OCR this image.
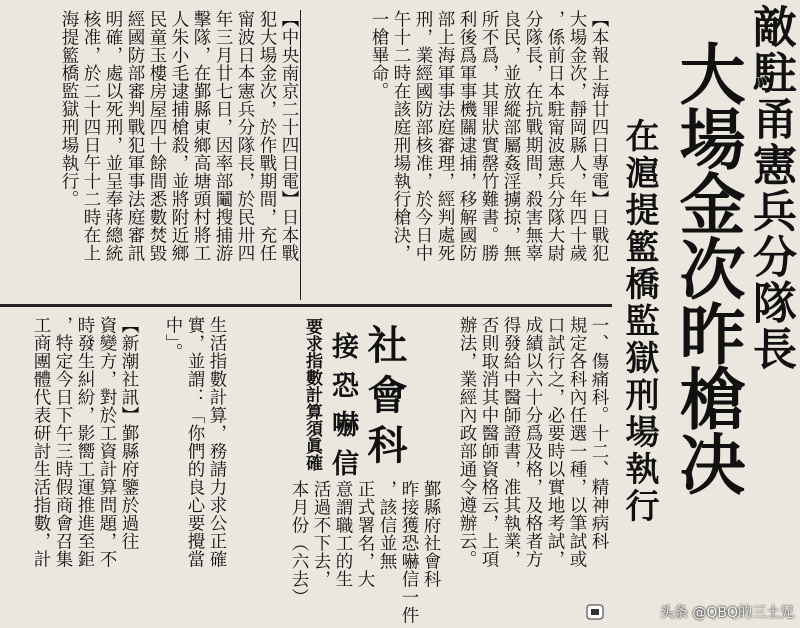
敵駐甬憲兵分隊長
大場金次昨槍决
在滬提籃橋監獄刑場執行
【本報上海廿四日專電】日戰犯
大場金次，靜岡縣人，年四十歲
，係前日本駐甯波憲兵分隊大尉
分隊長，在抗戰期間，殺害無辜
良民，並放縱部屬姦淫擄掠，無
所不爲，其罪狀實罄竹難書。勝
利後爲軍事機關逮捕，移解國防
部上海軍事法庭審理，經判處死
刑，業經國防部核准，於今日中
午十二時在該庭刑場執行槍決，
一槍畢命。
【中央南京二十四日電】日本戰
犯大場金次，於作戰期間，充任
甯波日本憲兵分隊長，於民卅四
年三月廿七日，因率部鬮搜捕游
擊隊，在鄞縣東鄉高塘頭村將工
人朱小毛逮捕槍殺，並將附近鄉
民童玉樓房屋四十餘間悉數焚毀
經國防部審判戰犯軍事法庭審訊
明確，處以死刑，並呈奉蔣總統
核准，於二十四日午十二時在上
海提籃橋監獄刑場執行。
一、傷痛科。十二、精神病科
規定各科內任選一種，以筆試或
口試行之，必要時以實地考試，
成績以六十分爲及格，及格者方
得發給中醫師證書，准其執業，
否則取消其中醫師資格云，上項
辦法，業經內政部通令遵辦云。
社會科
接恐嚇信
要求指數計算須眞確
【新潮社訊】鄞縣府鑒於過往
資變方，對於工資計算問題，不
時發生糾紛，影嚮工運推進至鉅
，特定今日下午三時假商會召集
工商團體代表研討生活指數，計	生活指數計算，務請力求公正確
實，並謂：「你們的良心要攪當
中」。
鄞縣府社會科
昨接獲恐嚇信一件
，該信並無
正式署名，大
意謂職工的生
活過不下去，
本月份（六去）
头条 @QBQ的三土兄
